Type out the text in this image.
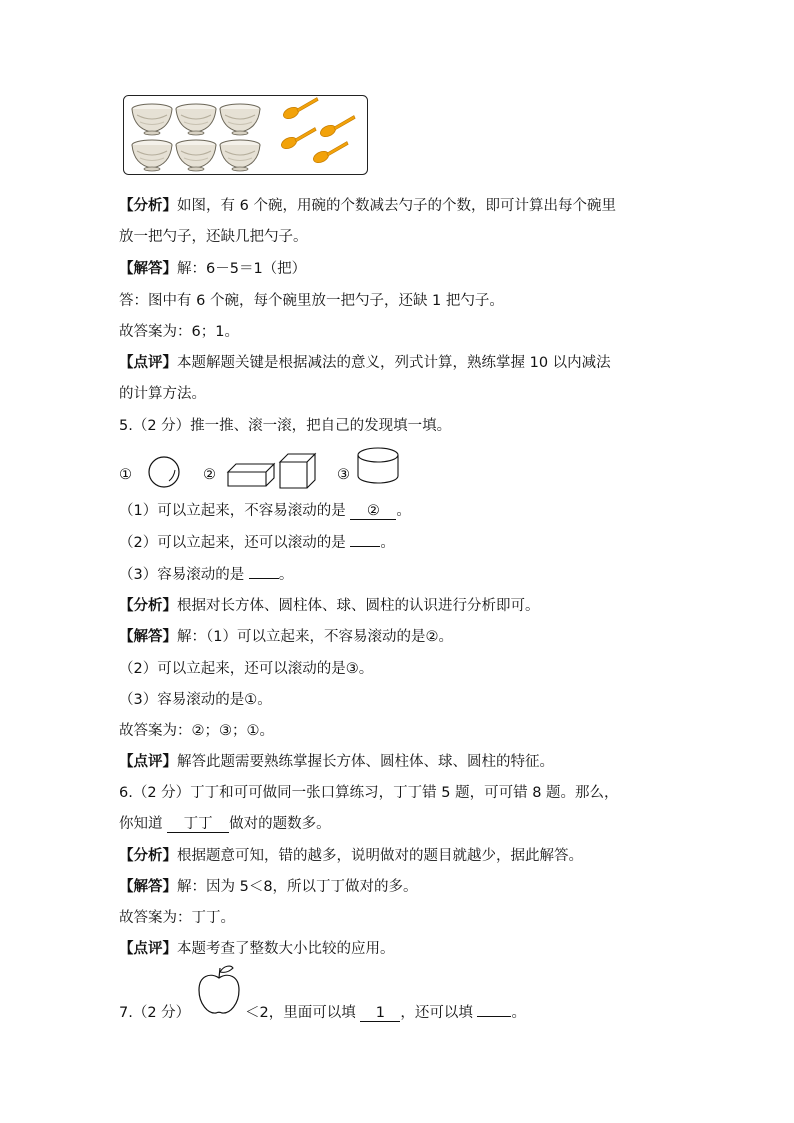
【分析】如图，有 6 个碗，用碗的个数减去勺子的个数，即可计算出每个碗里
放一把勺子，还缺几把勺子。
【解答】解：6－5＝1（把）
答：图中有 6 个碗，每个碗里放一把勺子，还缺 1 把勺子。
故答案为：6；1。
【点评】本题解题关键是根据减法的意义，列式计算，熟练掌握 10 以内减法
的计算方法。
5.（2 分）推一推、滚一滚，把自己的发现填一填。
①	②	③
（1）可以立起来，不容易滚动的是 ② 。
（2）可以立起来，还可以滚动的是 。
（3）容易滚动的是 。
【分析】根据对长方体、圆柱体、球、圆柱的认识进行分析即可。
【解答】解：（1）可以立起来，不容易滚动的是②。
（2）可以立起来，还可以滚动的是③。
（3）容易滚动的是①。
故答案为：②；③；①。
【点评】解答此题需要熟练掌握长方体、圆柱体、球、圆柱的特征。
6.（2 分）丁丁和可可做同一张口算练习，丁丁错 5 题，可可错 8 题。那么，
你知道 丁丁 做对的题数多。
【分析】根据题意可知，错的越多，说明做对的题目就越少，据此解答。
【解答】解：因为 5＜8，所以丁丁做对的多。
故答案为：丁丁。
【点评】本题考查了整数大小比较的应用。
7.（2 分）	＜2，里面可以填 1 ，还可以填	。
